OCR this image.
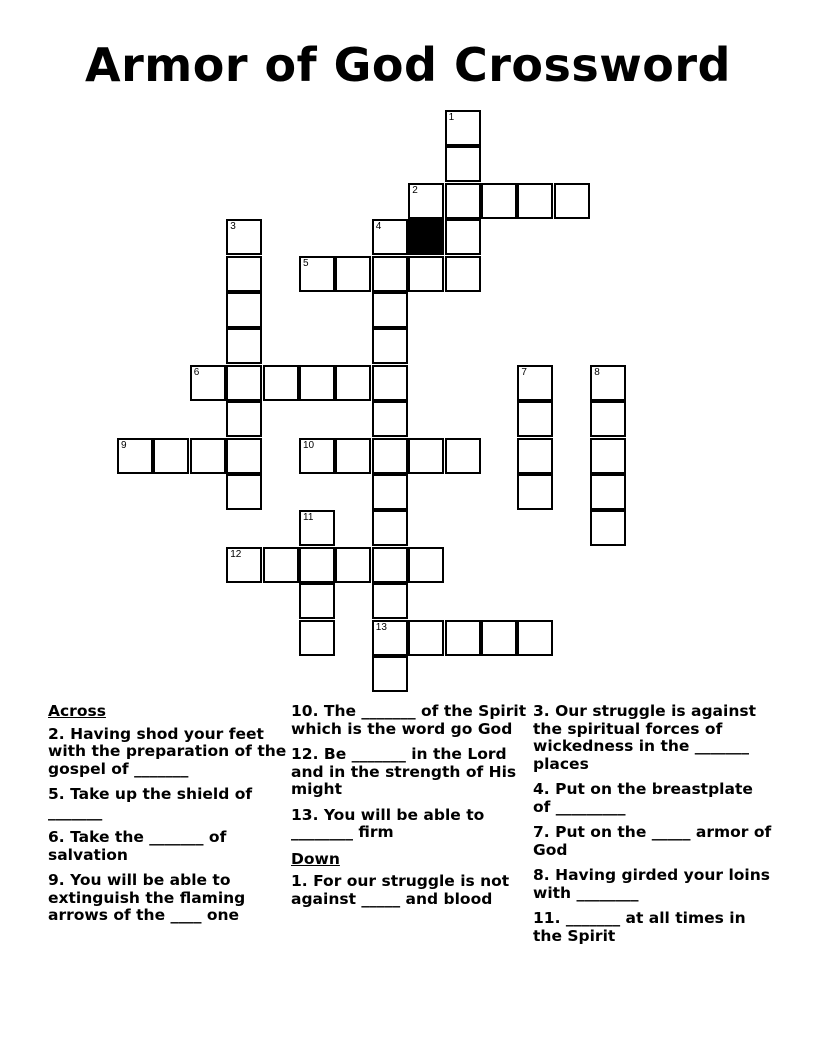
Armor of God Crossword
1
2
3	4
13
5
6	7	8
9	10
11
12
Across
2. Having shod your feet with the preparation of the gospel of _______
5. Take up the shield of _______
6. Take the _______ of salvation
9. You will be able to extinguish the flaming arrows of the ____ one
10. The _______ of the Spirit which is the word go God
12. Be _______ in the Lord and in the strength of His might
13. You will be able to ________ firm
Down
1. For our struggle is not against _____ and blood
3. Our struggle is against the spiritual forces of wickedness in the _______ places
4. Put on the breastplate of _________
7. Put on the _____ armor of God
8. Having girded your loins with ________
11. _______ at all times in the Spirit
